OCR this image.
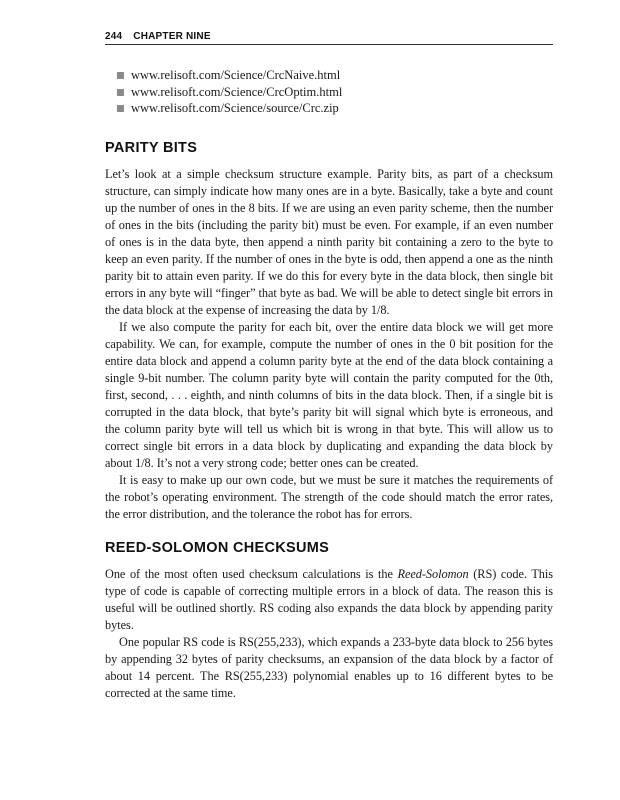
244 CHAPTER NINE
www.relisoft.com/Science/CrcNaive.html
www.relisoft.com/Science/CrcOptim.html
www.relisoft.com/Science/source/Crc.zip
PARITY BITS

Let’s look at a simple checksum structure example. Parity bits, as part of a checksum structure, can simply indicate how many ones are in a byte. Basically, take a byte and count up the number of ones in the 8 bits. If we are using an even parity scheme, then the number of ones in the bits (including the parity bit) must be even. For example, if an even number of ones is in the data byte, then append a ninth parity bit containing a zero to the byte to keep an even parity. If the number of ones in the byte is odd, then append a one as the ninth parity bit to attain even parity. If we do this for every byte in the data block, then single bit errors in any byte will “finger” that byte as bad. We will be able to detect single bit errors in the data block at the expense of increasing the data by 1/8.

If we also compute the parity for each bit, over the entire data block we will get more capability. We can, for example, compute the number of ones in the 0 bit position for the entire data block and append a column parity byte at the end of the data block containing a single 9-bit number. The column parity byte will contain the parity computed for the 0th, first, second, . . . eighth, and ninth columns of bits in the data block. Then, if a single bit is corrupted in the data block, that byte’s parity bit will signal which byte is erroneous, and the column parity byte will tell us which bit is wrong in that byte. This will allow us to correct single bit errors in a data block by duplicating and expanding the data block by about 1/8. It’s not a very strong code; better ones can be created.

It is easy to make up our own code, but we must be sure it matches the requirements of the robot’s operating environment. The strength of the code should match the error rates, the error distribution, and the tolerance the robot has for errors.

REED-SOLOMON CHECKSUMS

One of the most often used checksum calculations is the Reed-Solomon (RS) code. This type of code is capable of correcting multiple errors in a block of data. The reason this is useful will be outlined shortly. RS coding also expands the data block by appending parity bytes.

One popular RS code is RS(255,233), which expands a 233-byte data block to 256 bytes by appending 32 bytes of parity checksums, an expansion of the data block by a factor of about 14 percent. The RS(255,233) polynomial enables up to 16 different bytes to be corrected at the same time.
